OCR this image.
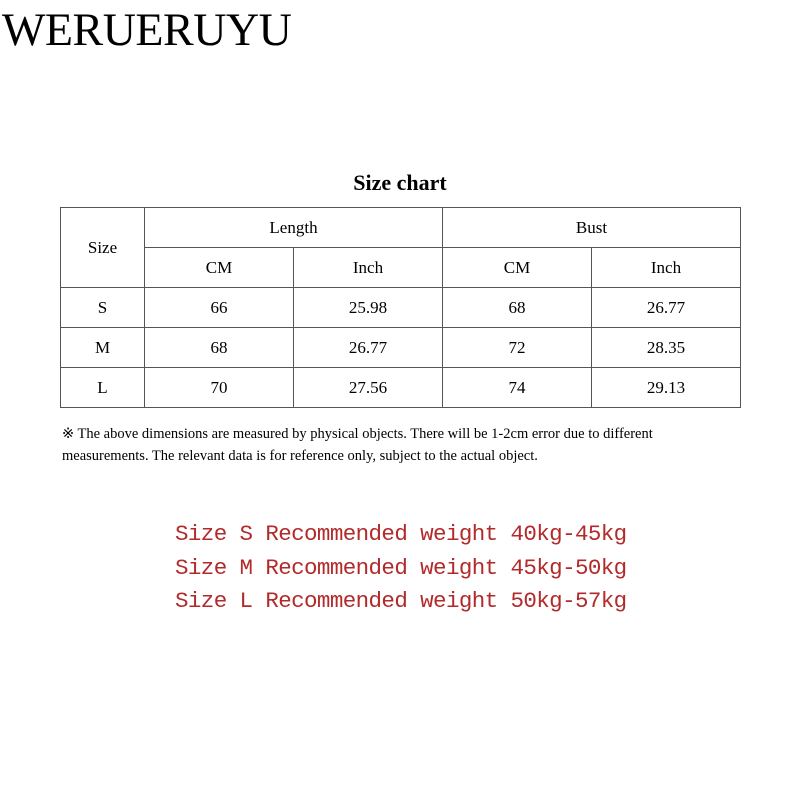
WERUERUYU
Size chart
Size	Length		Bust	
	CM	Inch	CM	Inch
S	66	25.98	68	26.77
M	68	26.77	72	28.35
L	70	27.56	74	29.13
※ The above dimensions are measured by physical objects. There will be 1-2cm error due to different measurements. The relevant data is for reference only, subject to the actual object.
Size S Recommended weight 40kg-45kg
Size M Recommended weight 45kg-50kg
Size L Recommended weight 50kg-57kg
